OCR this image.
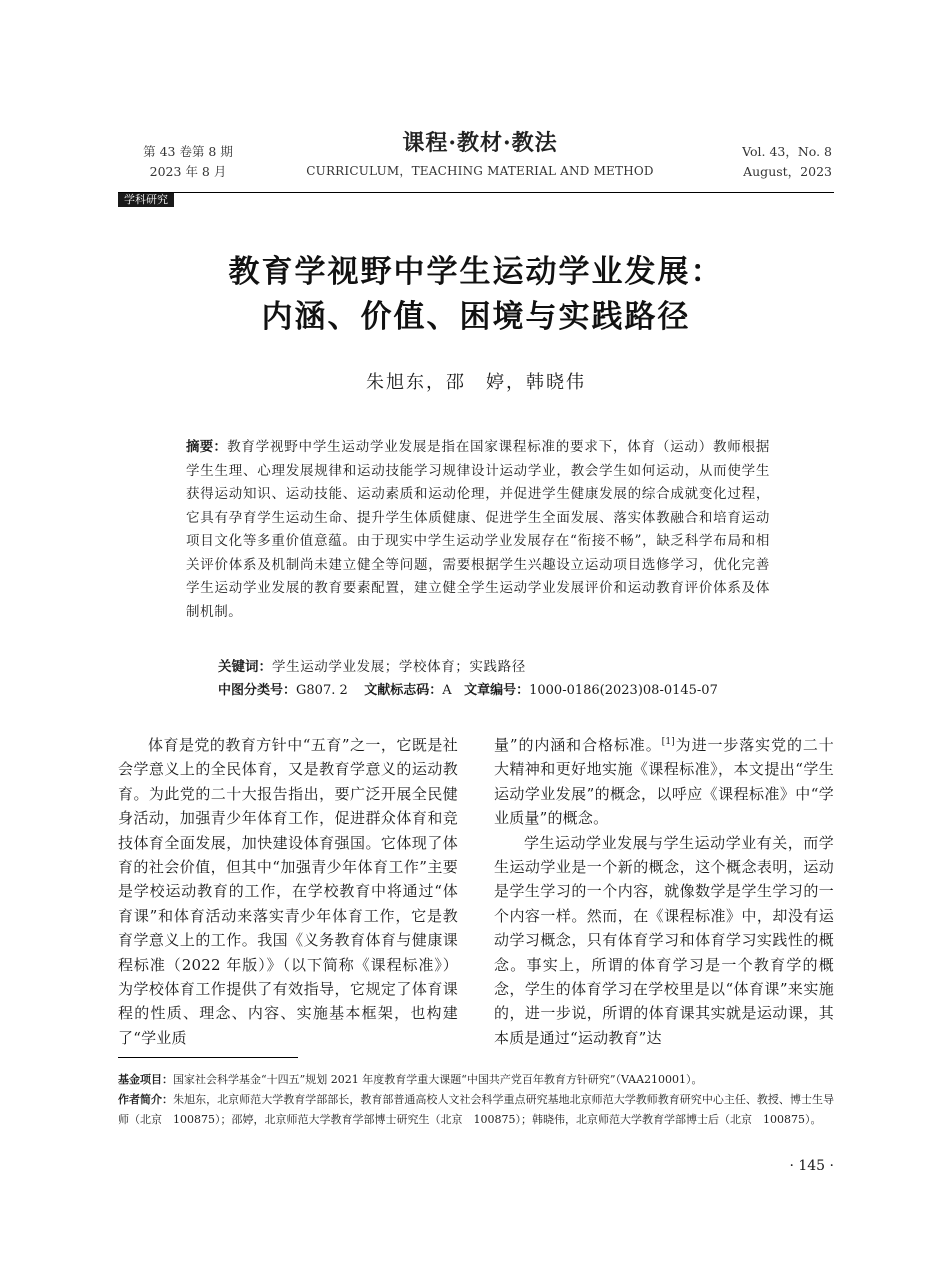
第 43 卷第 8 期
2023 年 8 月
课程·教材·教法
CURRICULUM，TEACHING MATERIAL AND METHOD
Vol. 43，No. 8
August，2023
学科研究
教育学视野中学生运动学业发展：
内涵、价值、困境与实践路径
朱旭东，邵　婷，韩晓伟
摘要：教育学视野中学生运动学业发展是指在国家课程标准的要求下，体育（运动）教师根据学生生理、心理发展规律和运动技能学习规律设计运动学业，教会学生如何运动，从而使学生获得运动知识、运动技能、运动素质和运动伦理，并促进学生健康发展的综合成就变化过程，它具有孕育学生运动生命、提升学生体质健康、促进学生全面发展、落实体教融合和培育运动项目文化等多重价值意蕴。由于现实中学生运动学业发展存在“衔接不畅”，缺乏科学布局和相关评价体系及机制尚未建立健全等问题，需要根据学生兴趣设立运动项目选修学习，优化完善学生运动学业发展的教育要素配置，建立健全学生运动学业发展评价和运动教育评价体系及体制机制。
关键词：学生运动学业发展；学校体育；实践路径
中图分类号：G807. 2 文献标志码：A 文章编号：1000-0186(2023)08-0145-07

体育是党的教育方针中“五育”之一，它既是社会学意义上的全民体育，又是教育学意义的运动教育。为此党的二十大报告指出，要广泛开展全民健身活动，加强青少年体育工作，促进群众体育和竞技体育全面发展，加快建设体育强国。它体现了体育的社会价值，但其中“加强青少年体育工作”主要是学校运动教育的工作，在学校教育中将通过“体育课”和体育活动来落实青少年体育工作，它是教育学意义上的工作。我国《义务教育体育与健康课程标准（2022 年版）》（以下简称《课程标准》）为学校体育工作提供了有效指导，它规定了体育课程的性质、理念、内容、实施基本框架，也构建了“学业质

量”的内涵和合格标准。[1]为进一步落实党的二十大精神和更好地实施《课程标准》，本文提出“学生运动学业发展”的概念，以呼应《课程标准》中“学业质量”的概念。

学生运动学业发展与学生运动学业有关，而学生运动学业是一个新的概念，这个概念表明，运动是学生学习的一个内容，就像数学是学生学习的一个内容一样。然而，在《课程标准》中，却没有运动学习概念，只有体育学习和体育学习实践性的概念。事实上，所谓的体育学习是一个教育学的概念，学生的体育学习在学校里是以“体育课”来实施的，进一步说，所谓的体育课其实就是运动课，其本质是通过“运动教育”达

基金项目：国家社会科学基金“十四五”规划 2021 年度教育学重大课题“中国共产党百年教育方针研究”（VAA210001）。

作者简介：朱旭东，北京师范大学教育学部部长，教育部普通高校人文社会科学重点研究基地北京师范大学教师教育研究中心主任、教授、博士生导师（北京　100875）；邵婷，北京师范大学教育学部博士研究生（北京　100875）；韩晓伟，北京师范大学教育学部博士后（北京　100875）。

· 145 ·
